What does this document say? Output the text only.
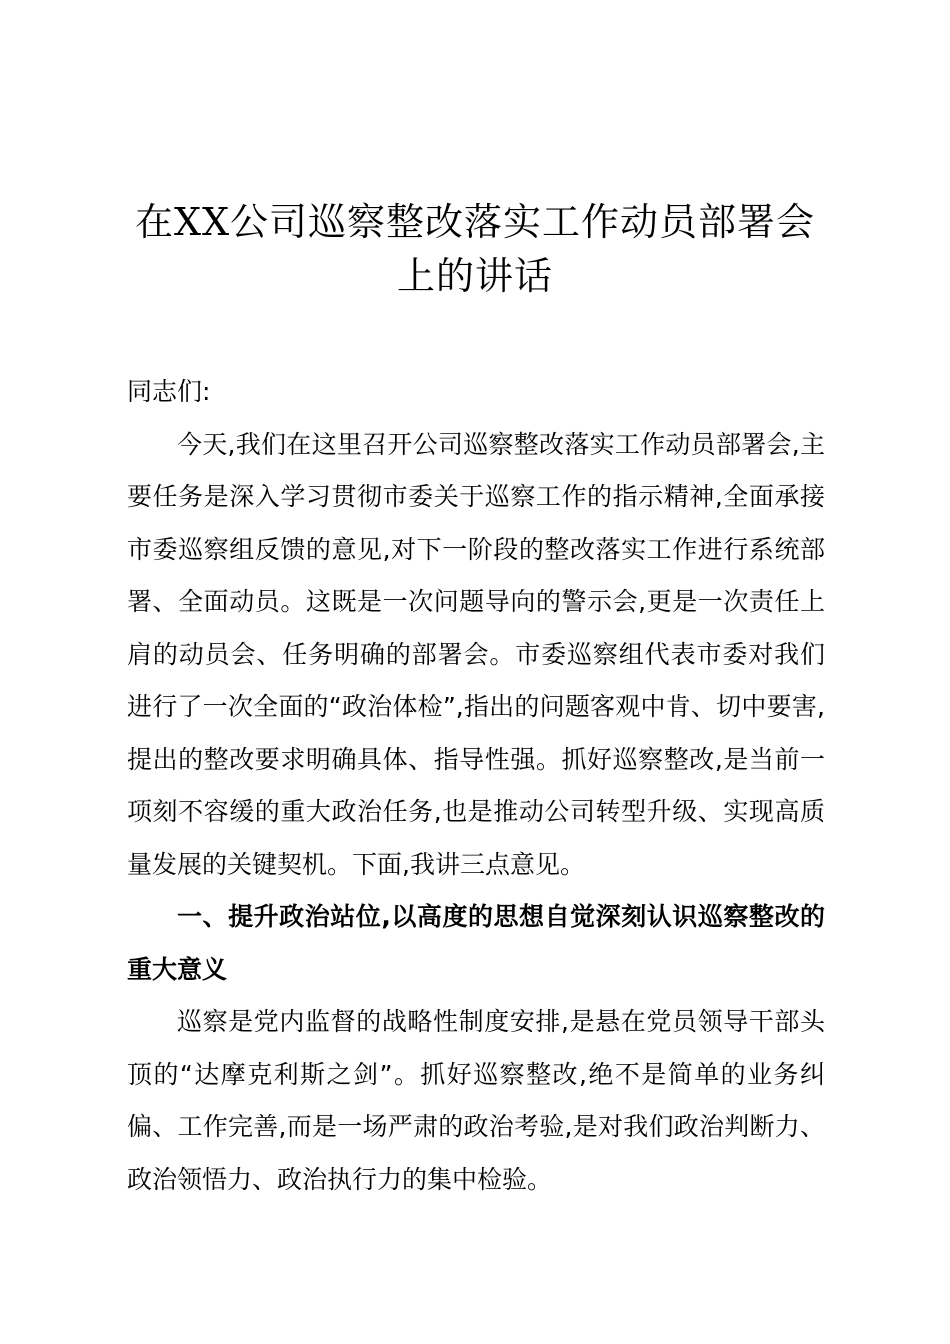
在XX公司巡察整改落实工作动员部署会
上的讲话

同志们:

今天,我们在这里召开公司巡察整改落实工作动员部署会,主要任务是深入学习贯彻市委关于巡察工作的指示精神,全面承接市委巡察组反馈的意见,对下一阶段的整改落实工作进行系统部署、全面动员。这既是一次问题导向的警示会,更是一次责任上肩的动员会、任务明确的部署会。市委巡察组代表市委对我们进行了一次全面的“政治体检”,指出的问题客观中肯、切中要害,提出的整改要求明确具体、指导性强。抓好巡察整改,是当前一项刻不容缓的重大政治任务,也是推动公司转型升级、实现高质量发展的关键契机。下面,我讲三点意见。

一、提升政治站位,以高度的思想自觉深刻认识巡察整改的重大意义

巡察是党内监督的战略性制度安排,是悬在党员领导干部头顶的“达摩克利斯之剑”。抓好巡察整改,绝不是简单的业务纠偏、工作完善,而是一场严肃的政治考验,是对我们政治判断力、政治领悟力、政治执行力的集中检验。
